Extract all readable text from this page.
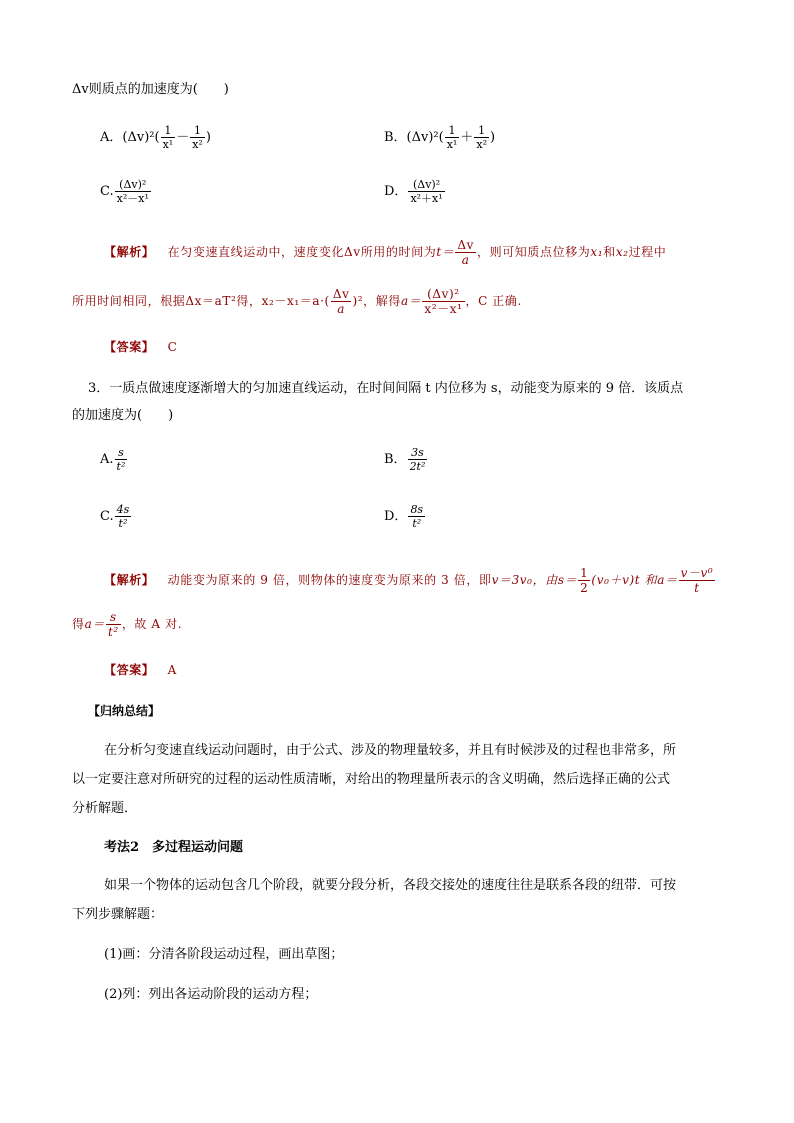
Δv则质点的加速度为(　　)
A．$(\Delta v)^2( \frac{1}{\text{x¹}} - \frac{1}{\text{x²}}$ )	B．$(\Delta v)^2( \frac{1}{\text{x¹}} + \frac{1}{\text{x²}}$ )
C. $\frac{\text{(Δv)²}}{\text{x²－x¹}}$	D． $\frac{\text{(Δv)²}}{\text{x²＋x¹}}$
【解析】 在匀变速直线运动中，速度变化Δv所用的时间为$t= \frac{\Delta v}{a}$ ，则可知质点位移为x₁和x₂过程中
所用时间相同，根据Δx＝aT²得，$x_2-x_1=a\cdot( \frac{\Delta v}{a} )^2$，解得$a= \frac{\text{(Δv)²}}{\text{x²－x¹}}$ ，C 正确.
【答案】 C
3．一质点做速度逐渐增大的匀加速直线运动，在时间间隔 t 内位移为 s，动能变为原来的 9 倍．该质点
的加速度为(　　)
A. $\frac{s}{\text{t²}}$	B． $\frac{3s}{\text{2t²}}$
C. $\frac{4s}{\text{t²}}$	D． $\frac{8s}{\text{t²}}$
【解析】 动能变为原来的 9 倍，则物体的速度变为原来的 3 倍，即v＝3v₀，由$s= \frac{1}{2} (v_0+v)t$ 和$a= \frac{\text{v－v⁰}}{t}$
得$a= \frac{s}{\text{t²}}$ ，故 A 对.
【答案】 A
【归纳总结】
在分析匀变速直线运动问题时，由于公式、涉及的物理量较多，并且有时候涉及的过程也非常多，所
以一定要注意对所研究的过程的运动性质清晰，对给出的物理量所表示的含义明确，然后选择正确的公式
分析解题．
考法2　多过程运动问题
如果一个物体的运动包含几个阶段，就要分段分析，各段交接处的速度往往是联系各段的纽带．可按
下列步骤解题：
(1)画：分清各阶段运动过程，画出草图；
(2)列：列出各运动阶段的运动方程；
